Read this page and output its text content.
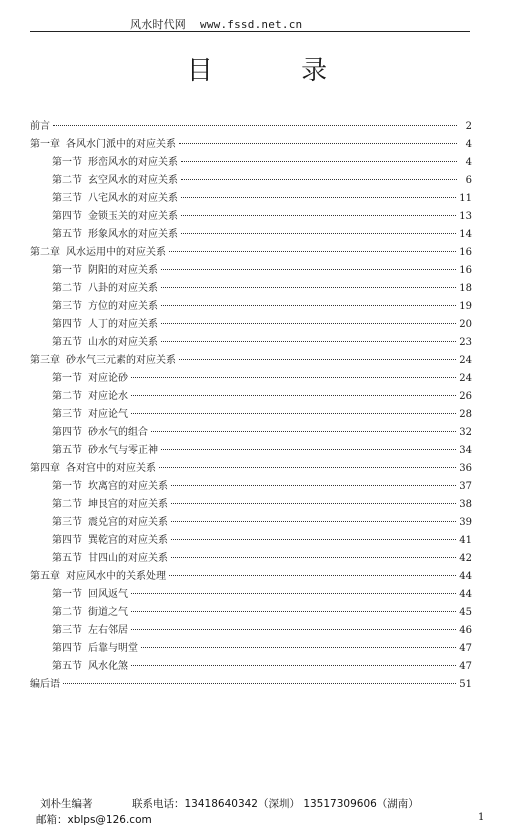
风水时代网 www.fssd.net.cn
目 录
前言	2
第一章 各风水门派中的对应关系	4
第一节 形峦风水的对应关系	4
第二节 玄空风水的对应关系	6
第三节 八宅风水的对应关系	11
第四节 金锁玉关的对应关系	13
第五节 形象风水的对应关系	14
第二章 风水运用中的对应关系	16
第一节 阴阳的对应关系	16
第二节 八卦的对应关系	18
第三节 方位的对应关系	19
第四节 人丁的对应关系	20
第五节 山水的对应关系	23
第三章 砂水气三元素的对应关系	24
第一节 对应论砂	24
第二节 对应论水	26
第三节 对应论气	28
第四节 砂水气的组合	32
第五节 砂水气与零正神	34
第四章 各对宫中的对应关系	36
第一节 坎离宫的对应关系	37
第二节 坤艮宫的对应关系	38
第三节 震兑宫的对应关系	39
第四节 巽乾宫的对应关系	41
第五节 甘四山的对应关系	42
第五章 对应风水中的关系处理	44
第一节 回风返气	44
第二节 街道之气	45
第三节 左右邻居	46
第四节 后靠与明堂	47
第五节 风水化煞	47
编后语	51
刘朴生编著	联系电话：13418640342（深圳） 13517309606（湖南）
邮箱：xblps@126.com	1
